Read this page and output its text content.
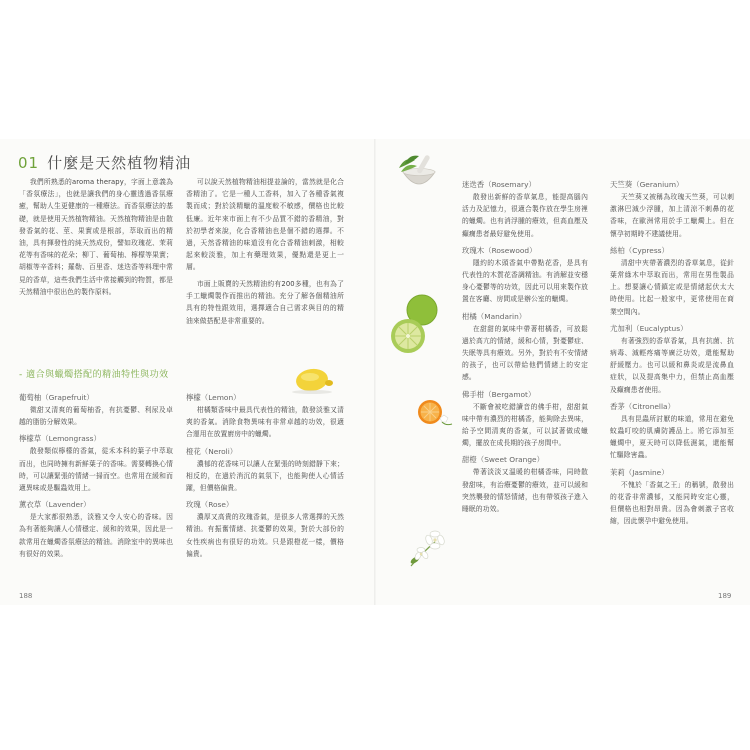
01 什麼是天然植物精油
我們所熟悉的aroma therapy，字面上意義為「香氛療法」，也就是讓我們的身心靈透過香氛療癒，幫助人生更健康的一種療法。而香氛療法的基礎，就是使用天然植物精油。天然植物精油是由散發香氣的花、莖、果實或是根部，萃取而出的精油，具有揮發性的純天然成份，譬如玫瑰花、茉莉花等有香味的花朵；柳丁、葡萄柚、檸檬等果實；胡椒等辛香料；羅勒、百里香、迷迭香等料理中常見的香草，這些我們生活中常接觸到的物質，都是天然精油中很出色的製作原料。
可以說天然植物精油相提並論的，當然就是化合香精油了。它是一種人工香料，加入了各種香氣複製而成；對於淡精蠟的溫度較不敏感，價格也比較低廉。近年來市面上有不少品質不錯的香精油，對於初學者來說，化合香精油也是個不錯的選擇。不過，天然香精油的味道沒有化合香精油刺激，相較起來較淡雅，加上有藥理效果，優點還是更上一層。
市面上販賣的天然精油約有200多種，也有為了手工蠟燭製作而推出的精油。充分了解各個精油所具有的特性跟效用，選擇適合自己需求與目的的精油來做搭配是非常重要的。
- 適合與蠟燭搭配的精油特性與功效
葡萄柚（Grapefruit）
微甜又清爽的葡萄柚香，有抗憂鬱、利尿及卓越的脂肪分解效果。
檸檬草（Lemongrass）
散發類似檸檬的香氣，從禾本科的葉子中萃取而出，也同時擁有新鮮葉子的香味。需要轉換心情時，可以讓緊張的情緒一掃而空。也常用在緩和而適異味或是驅蟲效用上。
薰衣草（Lavender）
是大家都很熟悉，淡雅又令人安心的香味。因為有著能夠讓人心情穩定、緩和的效果，因此是一款常用在蠟燭香氛療法的精油。消除室中的異味也有很好的效果。
檸檬（Lemon）
柑橘類香味中最具代表性的精油，散發淡雅又清爽的香氣。消除食物異味有非常卓越的功效，很適合運用在放置廚房中的蠟燭。
橙花（Neroli）
濃郁的花香味可以讓人在緊張的時刻錯靜下來；相反的，在過於消沉的氣氛下，也能夠使人心情活躍，但價格偏貴。
玫瑰（Rose）
濃厚又高貴的玫瑰香氣，是很多人常選擇的天然精油。有振奮情緒、抗憂鬱的效果，對於大部份的女性疾病也有很好的功效。只是跟橙花一樣，價格偏貴。
188
迷迭香（Rosemary）
散發出新鮮的香草氣息，能提高腦內活力及記憶力，很適合製作放在學生房裡的蠟燭。也有消浮腫的療效，但高血壓及癲癇患者最好避免使用。
玫瑰木（Rosewood）
隱約的木頭香氣中帶點花香，是具有代表性的木質花香調精油。有消解並安穩身心憂鬱等的功效，因此可以用來製作放置在客廳、房間或是辦公室的蠟燭。
柑橘（Mandarin）
在甜甜的氣味中帶著柑橘香，可放鬆過於高亢的情緒，緩和心情，對憂鬱症、失眠等具有療效。另外，對於有不安情緒的孩子，也可以帶給他們情緒上的安定感。
佛手柑（Bergamot）
不斷會被吃錯讀音的佛手柑，甜甜氣味中帶有濃烈的柑橘香，能夠除去異味，給予空間清爽的香氣，可以試著做成蠟燭，擺放在成長期的孩子房間中。
甜橙（Sweet Orange）
帶著淡淡又溫暖的柑橘香味，同時散發甜味，有治療憂鬱的療效，並可以緩和突然襲發的情怒情緒，也有帶領孩子進入睡眠的功效。
天竺葵（Geranium）
天竺葵又被稱為玫瑰天竺葵，可以刺激淋巴減少浮腫，加上清涼不刺鼻的花香味，在歐洲常用於手工蠟燭上。但在懷孕初期時不建議使用。
絲柏（Cypress）
清甜中夾帶著濃烈的香草氣息，從針葉常綠木中萃取而出，常用在男性製品上。想要讓心情鎮定或是情緒起伏太大時使用。比起一般家中，更常使用在商業空間內。
尤加利（Eucalyptus）
有著強烈的香草香氣，具有抗菌、抗病毒、減輕疼痛等廣泛功效，還能幫助舒緩壓力。也可以緩和鼻炎或是流鼻血症狀，以及提高集中力，但禁止高血壓及癲癇患者使用。
香茅（Citronella）
具有昆蟲所討厭的味道，常用在避免蚊蟲叮咬的肌膚防護品上。將它添加至蠟燭中，夏天時可以降低濕氣，還能幫忙驅除害蟲。
茉莉（Jasmine）
不愧於「香氣之王」的稱號，散發出的花香非常濃郁，又能同時安定心靈，但價格也相對昂貴。因為會刺激子宮收縮，因此懷孕中避免使用。
189
